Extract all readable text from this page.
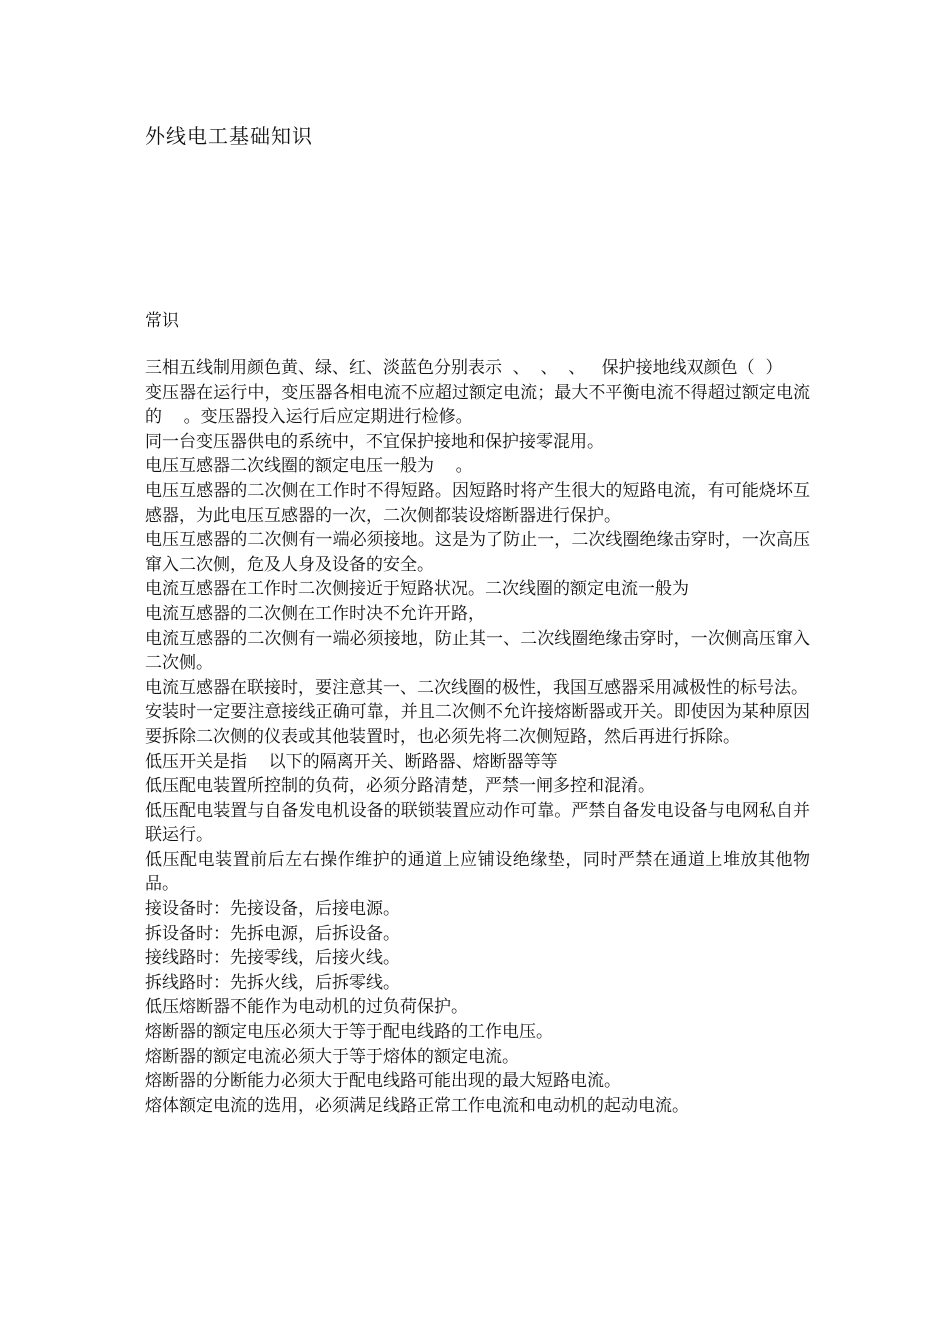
外线电工基础知识
常识

三相五线制用颜色黄、绿、红、淡蓝色分别表示  、  、  、   保护接地线双颜色（  ）

变压器在运行中，变压器各相电流不应超过额定电流；最大不平衡电流不得超过额定电流的    。变压器投入运行后应定期进行检修。

同一台变压器供电的系统中，不宜保护接地和保护接零混用。

电压互感器二次线圈的额定电压一般为    。

电压互感器的二次侧在工作时不得短路。因短路时将产生很大的短路电流，有可能烧坏互感器，为此电压互感器的一次，二次侧都装设熔断器进行保护。

电压互感器的二次侧有一端必须接地。这是为了防止一，二次线圈绝缘击穿时，一次高压窜入二次侧，危及人身及设备的安全。

电流互感器在工作时二次侧接近于短路状况。二次线圈的额定电流一般为

电流互感器的二次侧在工作时决不允许开路，

电流互感器的二次侧有一端必须接地，防止其一、二次线圈绝缘击穿时，一次侧高压窜入二次侧。

电流互感器在联接时，要注意其一、二次线圈的极性，我国互感器采用减极性的标号法。

安装时一定要注意接线正确可靠，并且二次侧不允许接熔断器或开关。即使因为某种原因要拆除二次侧的仪表或其他装置时，也必须先将二次侧短路，然后再进行拆除。

低压开关是指    以下的隔离开关、断路器、熔断器等等

低压配电装置所控制的负荷，必须分路清楚，严禁一闸多控和混淆。

低压配电装置与自备发电机设备的联锁装置应动作可靠。严禁自备发电设备与电网私自并联运行。

低压配电装置前后左右操作维护的通道上应铺设绝缘垫，同时严禁在通道上堆放其他物品。

接设备时：先接设备，后接电源。

拆设备时：先拆电源，后拆设备。

接线路时：先接零线，后接火线。

拆线路时：先拆火线，后拆零线。

低压熔断器不能作为电动机的过负荷保护。

熔断器的额定电压必须大于等于配电线路的工作电压。

熔断器的额定电流必须大于等于熔体的额定电流。

熔断器的分断能力必须大于配电线路可能出现的最大短路电流。

熔体额定电流的选用，必须满足线路正常工作电流和电动机的起动电流。
